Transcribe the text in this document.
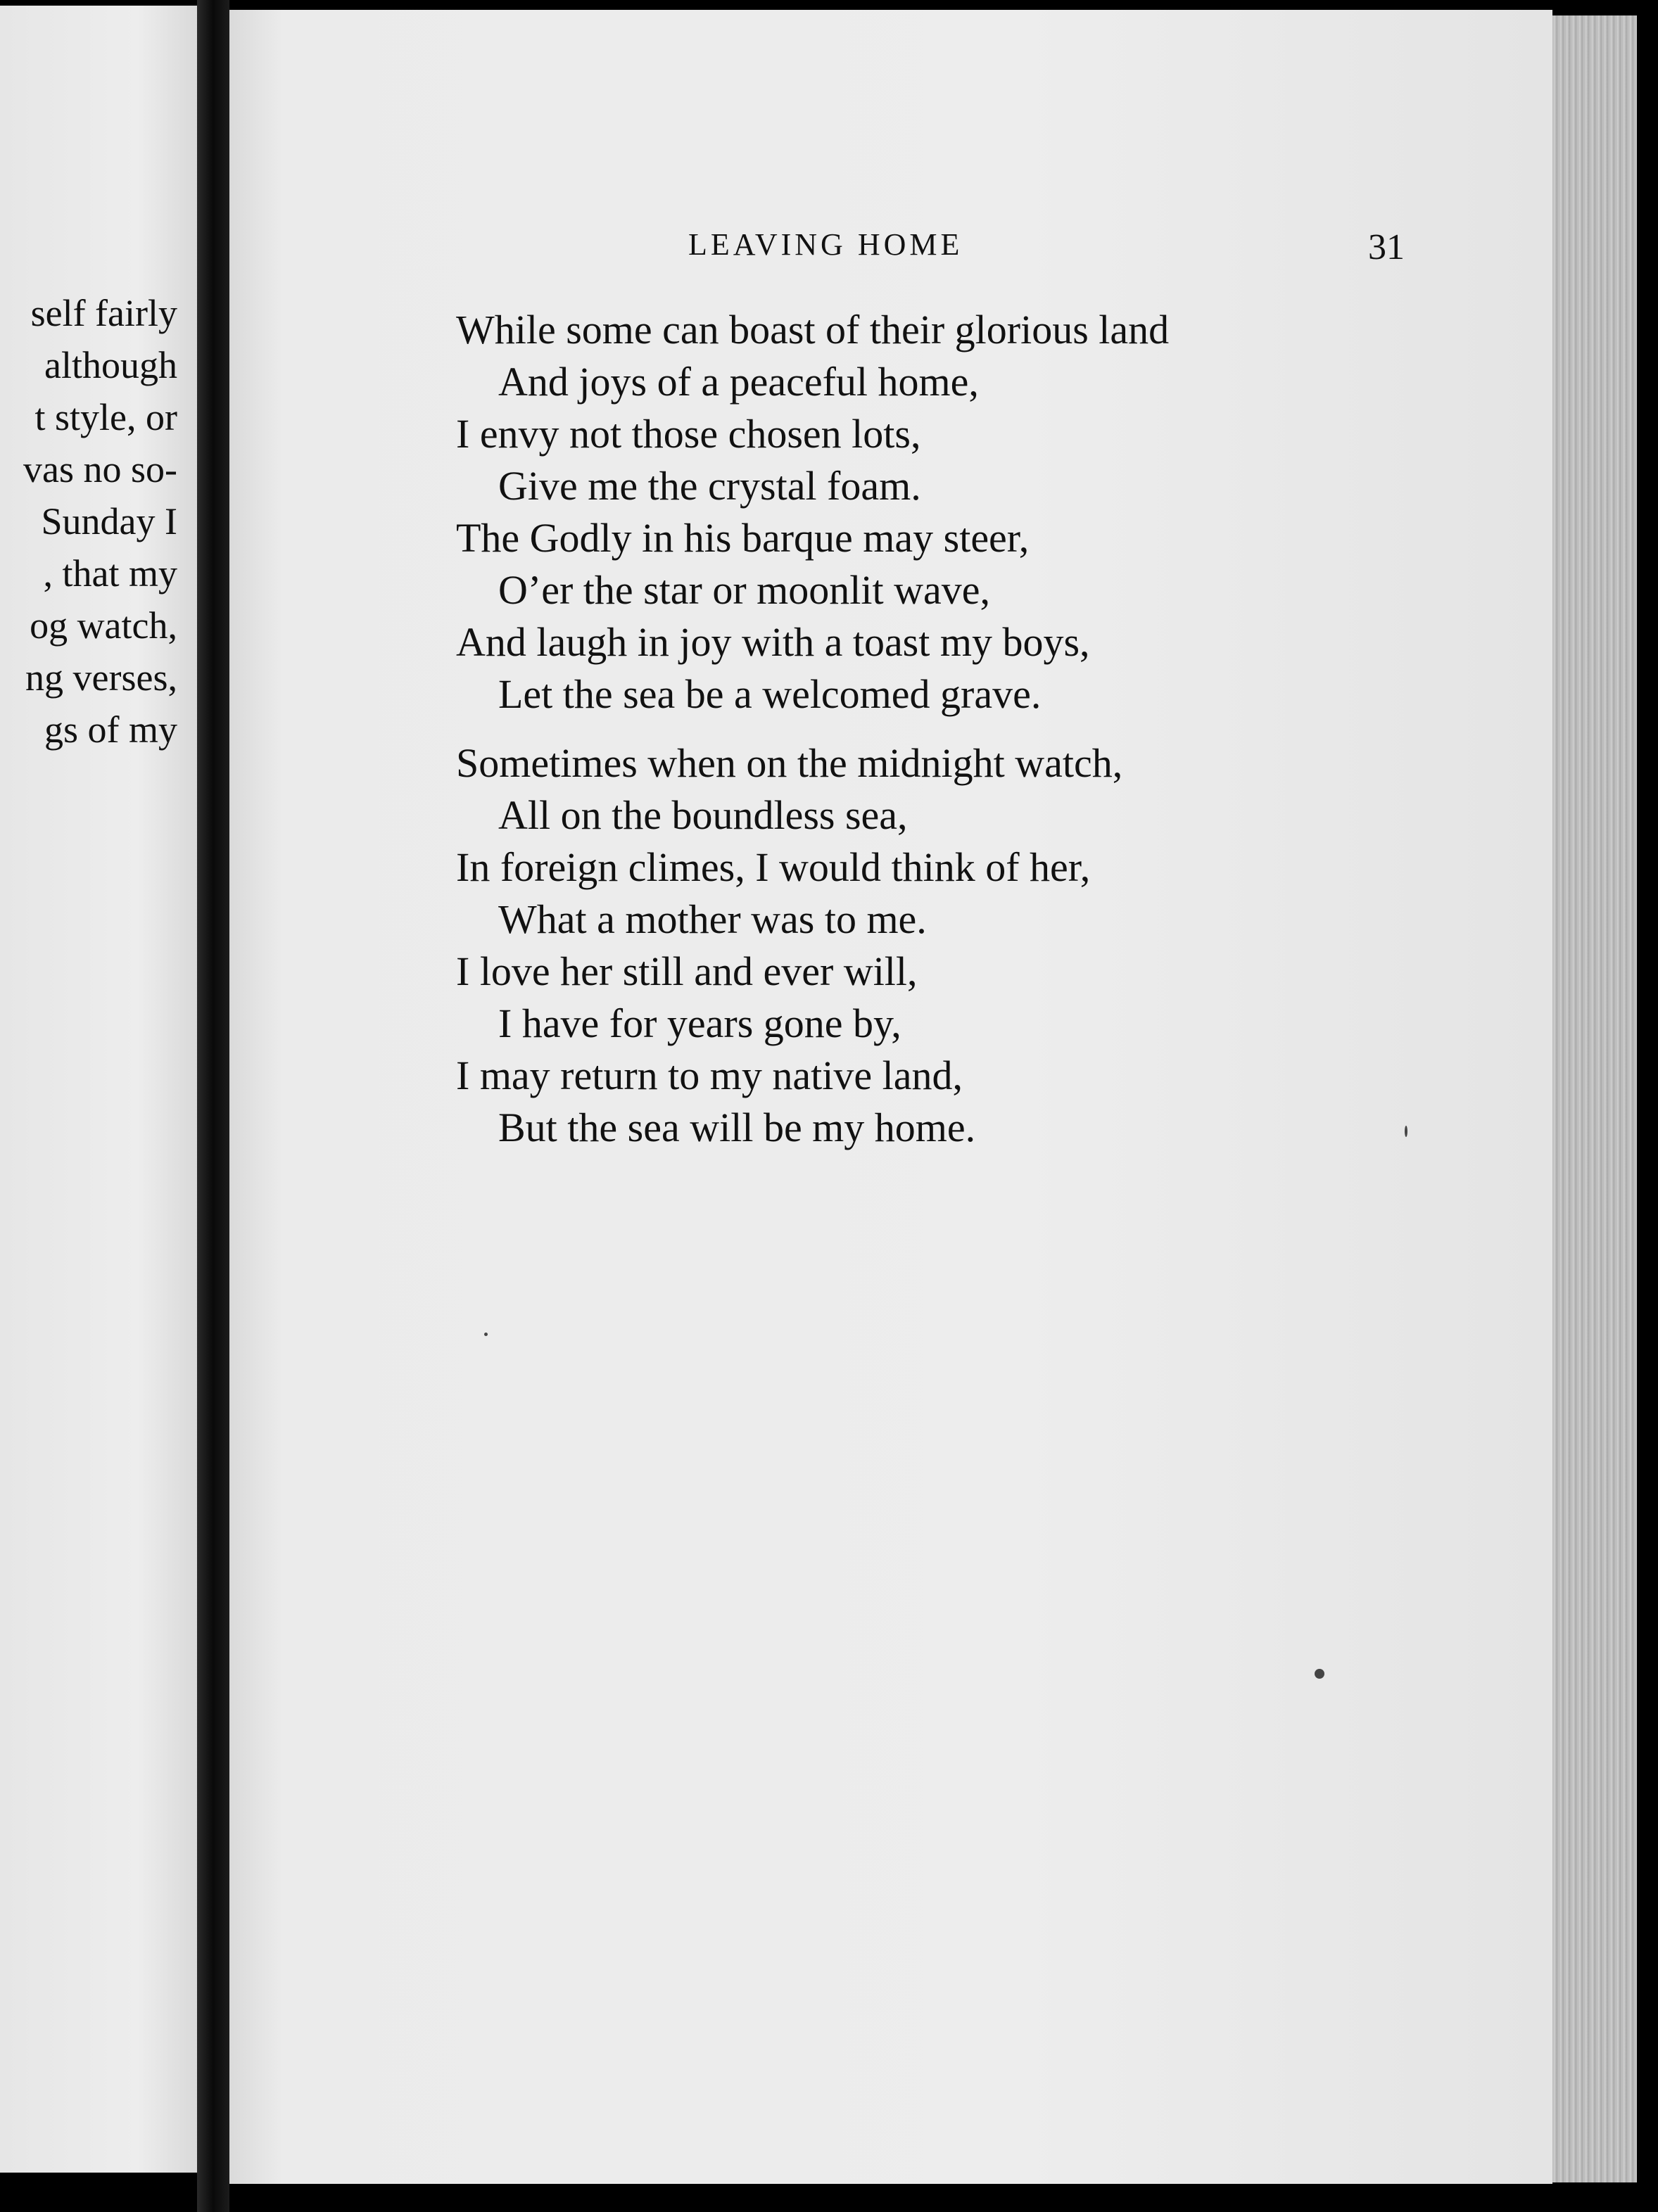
self fairly
although
t style, or
vas no so-
Sunday I
, that my
og watch,
ng verses,
gs of my
LEAVING HOME	31
While some can boast of their glorious land
And joys of a peaceful home,
I envy not those chosen lots,
Give me the crystal foam.
The Godly in his barque may steer,
O’er the star or moonlit wave,
And laugh in joy with a toast my boys,
Let the sea be a welcomed grave.
Sometimes when on the midnight watch,
All on the boundless sea,
In foreign climes, I would think of her,
What a mother was to me.
I love her still and ever will,
I have for years gone by,
I may return to my native land,
But the sea will be my home.
